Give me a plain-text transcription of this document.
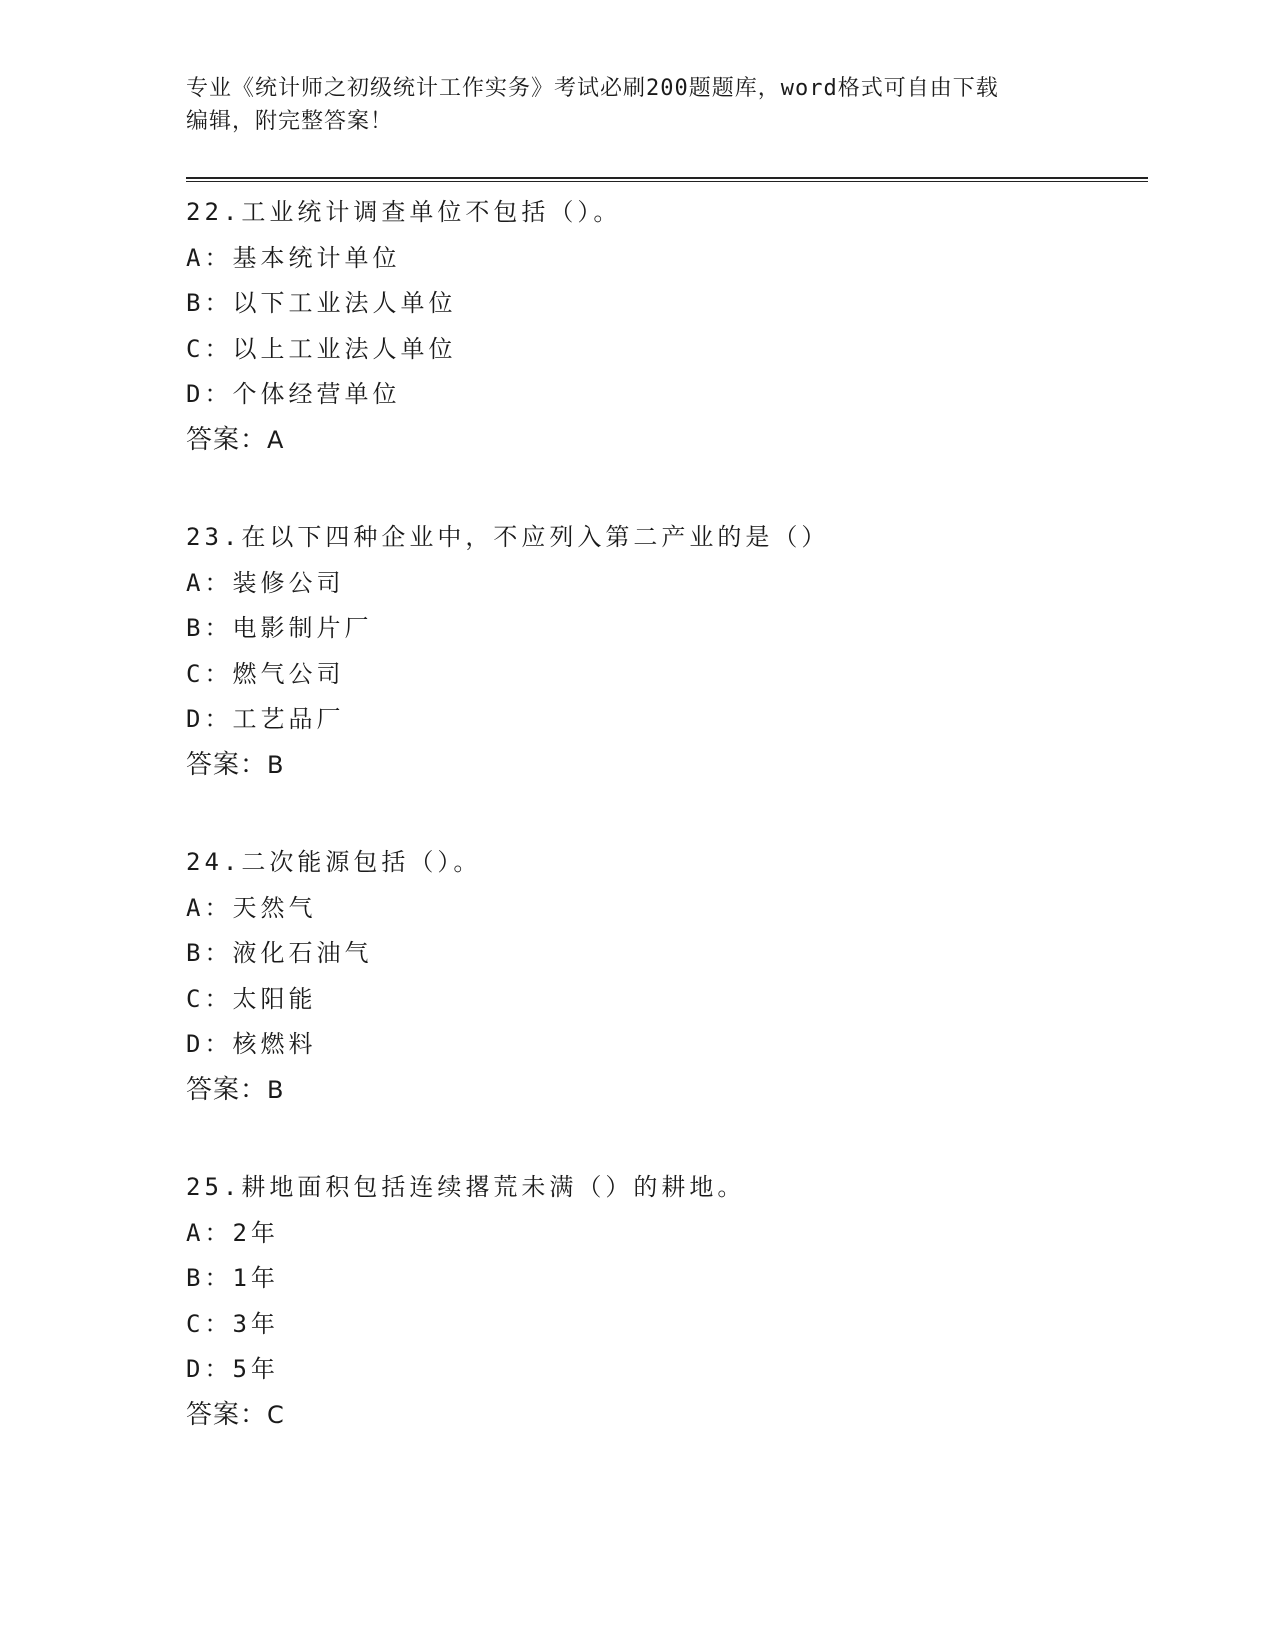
专业《统计师之初级统计工作实务》考试必刷200题题库，word格式可自由下载
编辑，附完整答案！
22.工业统计调查单位不包括（）。
A：基本统计单位
B：以下工业法人单位
C：以上工业法人单位
D：个体经营单位
答案：A
23.在以下四种企业中，不应列入第二产业的是（）
A：装修公司
B：电影制片厂
C：燃气公司
D：工艺品厂
答案：B
24.二次能源包括（）。
A：天然气
B：液化石油气
C：太阳能
D：核燃料
答案：B
25.耕地面积包括连续撂荒未满（）的耕地。
A：2年
B：1年
C：3年
D：5年
答案：C
